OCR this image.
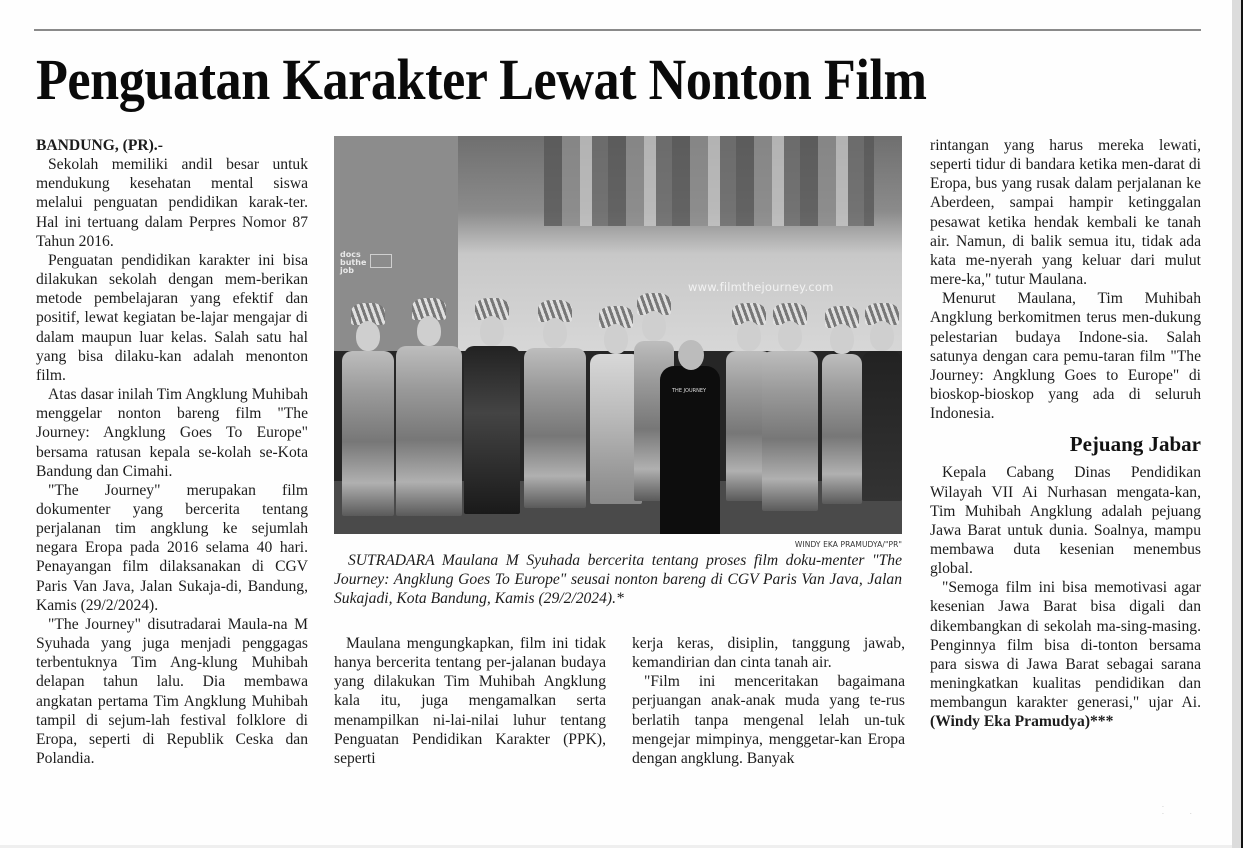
Penguatan Karakter Lewat Nonton Film

BANDUNG, (PR).-

Sekolah memiliki andil besar untuk mendukung kesehatan mental siswa melalui penguatan pendidikan karak-ter. Hal ini tertuang dalam Perpres Nomor 87 Tahun 2016.

Penguatan pendidikan karakter ini bisa dilakukan sekolah dengan mem-berikan metode pembelajaran yang efektif dan positif, lewat kegiatan be-lajar mengajar di dalam maupun luar kelas. Salah satu hal yang bisa dilaku-kan adalah menonton film.

Atas dasar inilah Tim Angklung Muhibah menggelar nonton bareng film "The Journey: Angklung Goes To Europe" bersama ratusan kepala se-kolah se-Kota Bandung dan Cimahi.

"The Journey" merupakan film dokumenter yang bercerita tentang perjalanan tim angklung ke sejumlah negara Eropa pada 2016 selama 40 hari. Penayangan film dilaksanakan di CGV Paris Van Java, Jalan Sukaja-di, Bandung, Kamis (29/2/2024).

"The Journey" disutradarai Maula-na M Syuhada yang juga menjadi penggagas terbentuknya Tim Ang-klung Muhibah delapan tahun lalu. Dia membawa angkatan pertama Tim Angklung Muhibah tampil di sejum-lah festival folklore di Eropa, seperti di Republik Ceska dan Polandia.

docs
buthe
job
www.filmthejourney.com
THE JOURNEY
WINDY EKA PRAMUDYA/"PR"

SUTRADARA Maulana M Syuhada bercerita tentang proses film doku-menter "The Journey: Angklung Goes To Europe" seusai nonton bareng di CGV Paris Van Java, Jalan Sukajadi, Kota Bandung, Kamis (29/2/2024).*

Maulana mengungkapkan, film ini tidak hanya bercerita tentang per-jalanan budaya yang dilakukan Tim Muhibah Angklung kala itu, juga mengamalkan serta menampilkan ni-lai-nilai luhur tentang Penguatan Pendidikan Karakter (PPK), seperti

kerja keras, disiplin, tanggung jawab, kemandirian dan cinta tanah air.

"Film ini menceritakan bagaimana perjuangan anak-anak muda yang te-rus berlatih tanpa mengenal lelah un-tuk mengejar mimpinya, menggetar-kan Eropa dengan angklung. Banyak

rintangan yang harus mereka lewati, seperti tidur di bandara ketika men-darat di Eropa, bus yang rusak dalam perjalanan ke Aberdeen, sampai hampir ketinggalan pesawat ketika hendak kembali ke tanah air. Namun, di balik semua itu, tidak ada kata me-nyerah yang keluar dari mulut mere-ka," tutur Maulana.

Menurut Maulana, Tim Muhibah Angklung berkomitmen terus men-dukung pelestarian budaya Indone-sia. Salah satunya dengan cara pemu-taran film "The Journey: Angklung Goes to Europe" di bioskop-bioskop yang ada di seluruh Indonesia.

Pejuang Jabar

Kepala Cabang Dinas Pendidikan Wilayah VII Ai Nurhasan mengata-kan, Tim Muhibah Angklung adalah pejuang Jawa Barat untuk dunia. Soalnya, mampu membawa duta kesenian menembus global.

"Semoga film ini bisa memotivasi agar kesenian Jawa Barat bisa digali dan dikembangkan di sekolah ma-sing-masing. Penginnya film bisa di-tonton bersama para siswa di Jawa Barat sebagai sarana meningkatkan kualitas pendidikan dan membangun karakter generasi," ujar Ai. (Windy Eka Pramudya)***

· ··
